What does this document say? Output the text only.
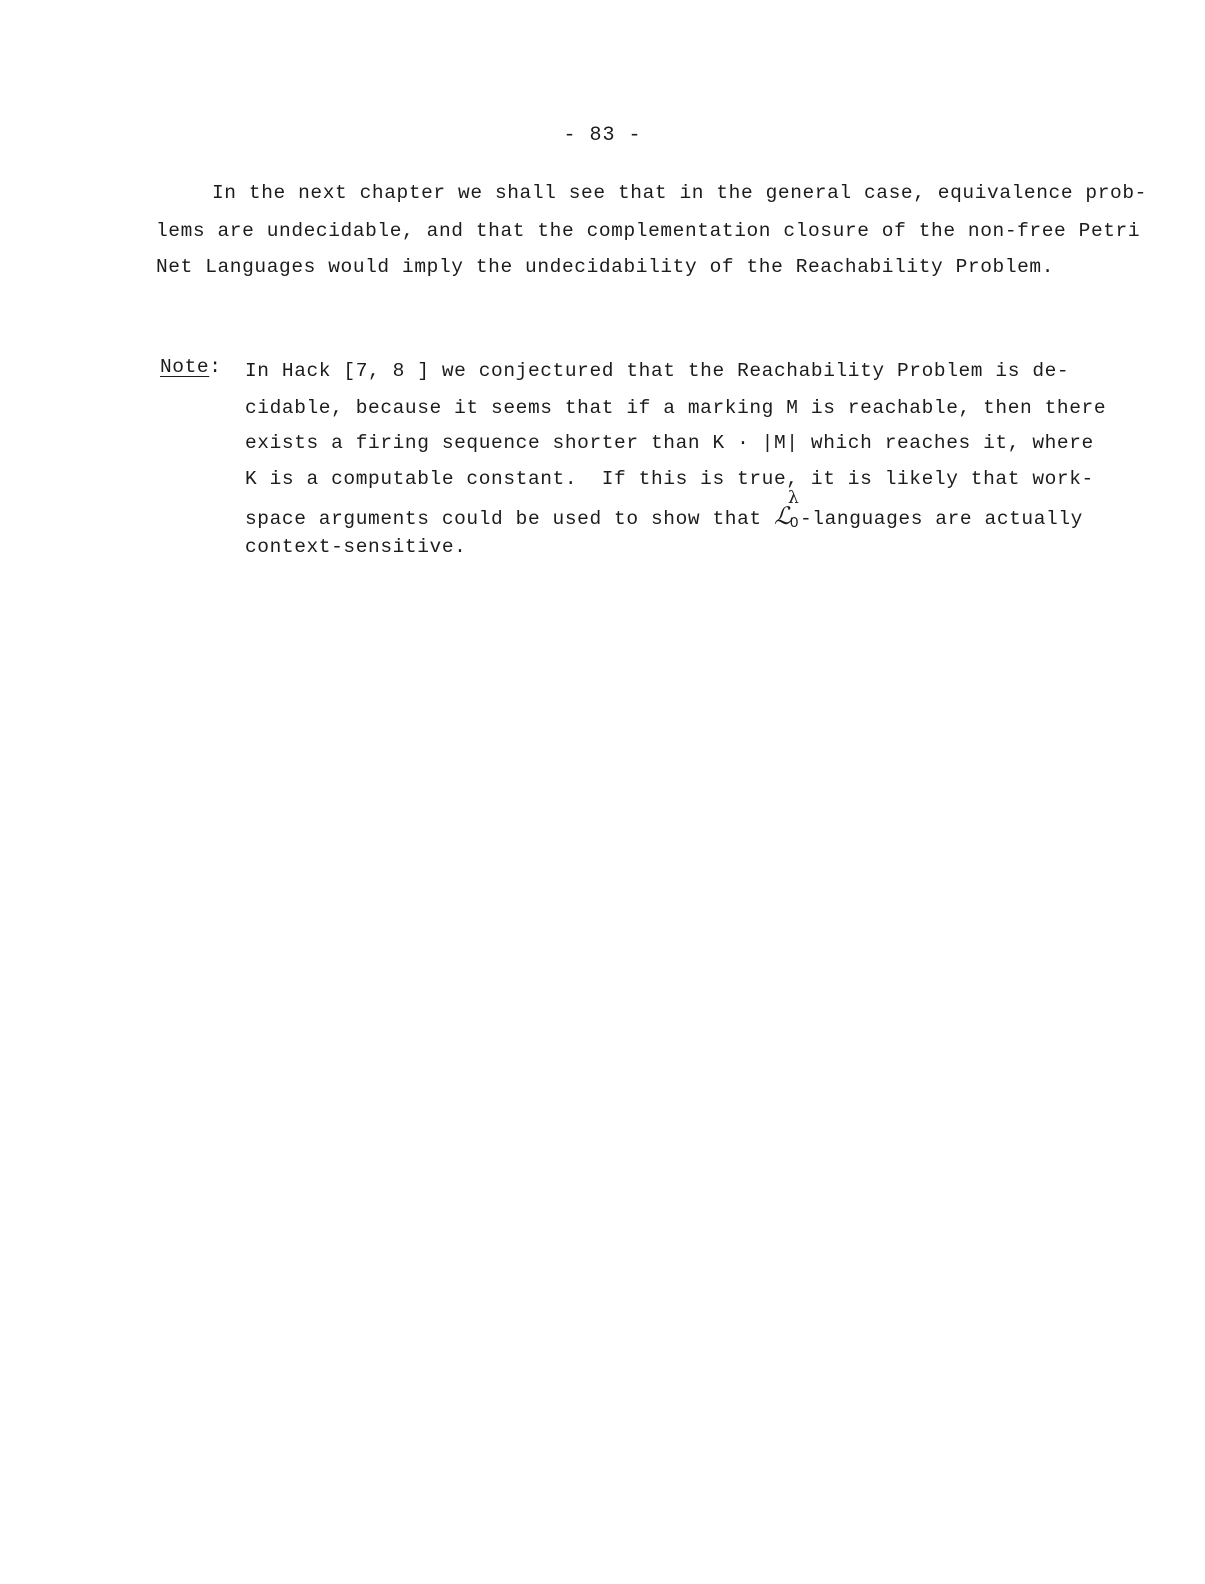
- 83 -
In the next chapter we shall see that in the general case, equivalence prob-
lems are undecidable, and that the complementation closure of the non-free Petri
Net Languages would imply the undecidability of the Reachability Problem.
Note: In Hack [7, 8 ] we conjectured that the Reachability Problem is de-
cidable, because it seems that if a marking M is reachable, then there
exists a firing sequence shorter than K · |M| which reaches it, where
K is a computable constant.  If this is true, it is likely that work-
space arguments could be used to show that ℒ
λ
0 -languages are actually
context-sensitive.
